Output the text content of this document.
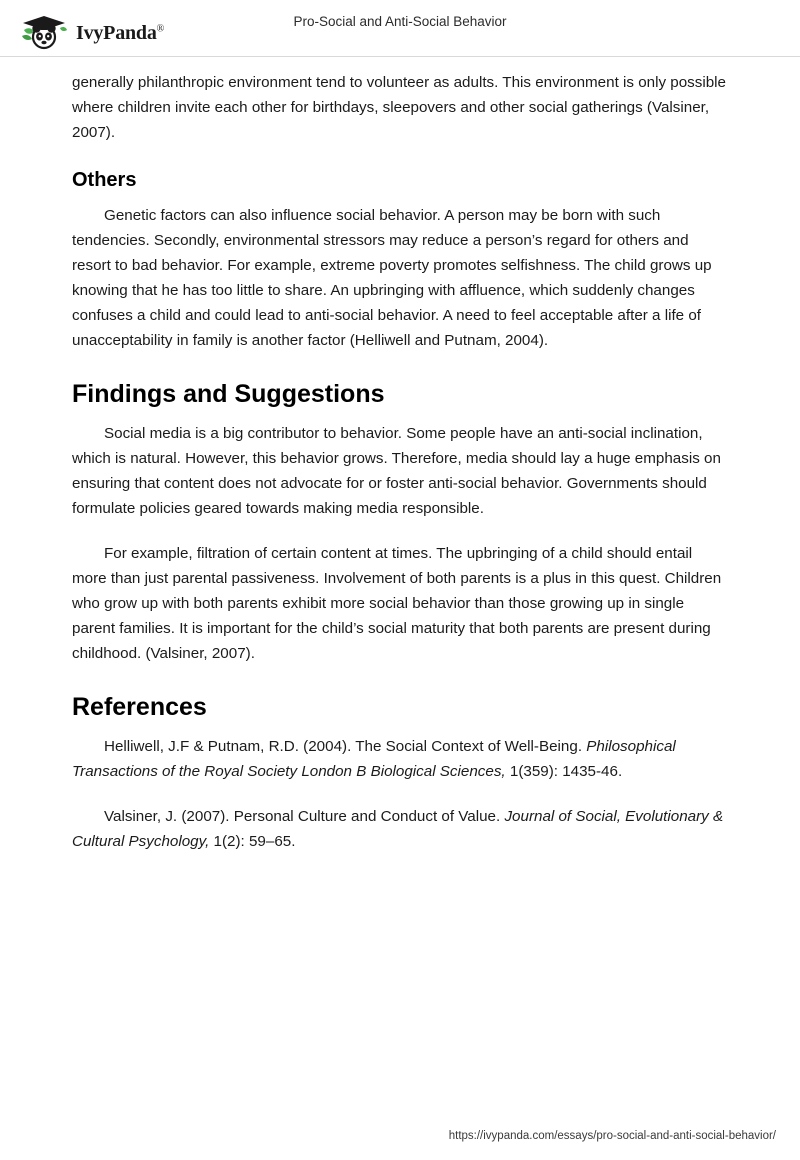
IvyPanda®	Pro-Social and Anti-Social Behavior

generally philanthropic environment tend to volunteer as adults. This environment is only possible where children invite each other for birthdays, sleepovers and other social gatherings (Valsiner, 2007).

Others

Genetic factors can also influence social behavior. A person may be born with such tendencies. Secondly, environmental stressors may reduce a person’s regard for others and resort to bad behavior. For example, extreme poverty promotes selfishness. The child grows up knowing that he has too little to share. An upbringing with affluence, which suddenly changes confuses a child and could lead to anti-social behavior. A need to feel acceptable after a life of unacceptability in family is another factor (Helliwell and Putnam, 2004).

Findings and Suggestions

Social media is a big contributor to behavior. Some people have an anti-social inclination, which is natural. However, this behavior grows. Therefore, media should lay a huge emphasis on ensuring that content does not advocate for or foster anti-social behavior. Governments should formulate policies geared towards making media responsible.

For example, filtration of certain content at times. The upbringing of a child should entail more than just parental passiveness. Involvement of both parents is a plus in this quest. Children who grow up with both parents exhibit more social behavior than those growing up in single parent families. It is important for the child’s social maturity that both parents are present during childhood. (Valsiner, 2007).

References

Helliwell, J.F & Putnam, R.D. (2004). The Social Context of Well-Being. Philosophical Transactions of the Royal Society London B Biological Sciences, 1(359): 1435-46.

Valsiner, J. (2007). Personal Culture and Conduct of Value. Journal of Social, Evolutionary & Cultural Psychology, 1(2): 59–65.

https://ivypanda.com/essays/pro-social-and-anti-social-behavior/
